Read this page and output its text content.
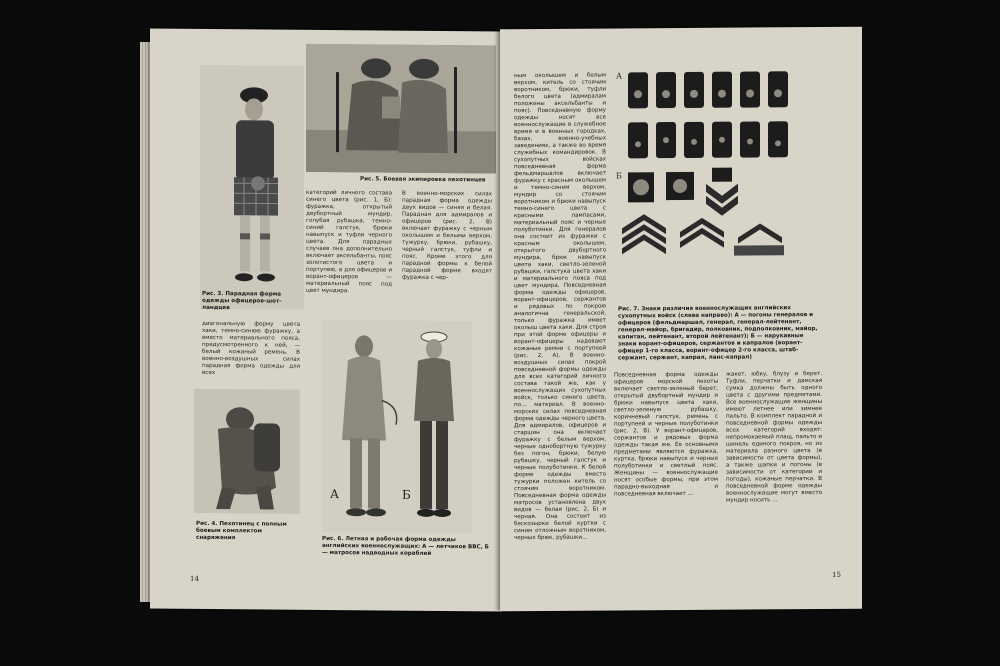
Рис. 3. Парадная форма одежды офицеров-шот-ландцев
Рис. 5. Боевая экипировка пехотинцев
категорий личного состава синего цвета (рис. 1, Б): фуражка, открытый двубортный мундир, голубая рубашка, темно-синий галстук, брюки навыпуск и туфли черного цвета. Для парадных случаев она дополнительно включает аксельбанты, пояс золотистого цвета и портупею, а для офицеров и ворант-офицеров — материальный пояс под цвет мундира.
В военно-морских силах парадная форма одежды двух видов — синяя и белая. Парадная для адмиралов и офицеров (рис. 2, В) включает фуражку с черным околышем и белыми верхом, тужурку, брюки, рубашку, черный галстук, туфли и пояс. Кроме этого для парадной формы к белой парадной форме входят фуражка с чер-
диагональную форму цвета хаки, темно-синюю фуражку, а вместо материального пояса, предусмотренного к ней, — белый кожаный ремень. В военно-воздушных силах парадная форма одежды для всех
Рис. 4. Пехотинец с полным боевым комплектом снаряжения
А	Б
Рис. 6. Летная и рабочая форма одежды английских военнослужащих: А — летчиков ВВС, Б — матросов надводных кораблей
14
ным околышем и белым верхом, китель со стоячим воротником, брюки, туфли белого цвета (адмиралам положены аксельбанты и пояс). Повседневную форму одежды носят все военнослужащие в служебное время и в военных городках, базах, военно-учебных заведениях, а также во время служебных командировок. В сухопутных войсках повседневная форма фельдмаршалов включает фуражку с красным околышем и темно-синим верхом, мундир со стоячим воротником и брюки навыпуск темно-синего цвета с красными лампасами, материальный пояс и черные полуботинки. Для генералов она состоит из фуражки с красным околышем, открытого двубортного мундира, брюк навыпуск цвета хаки, светло-зеленой рубашки, галстука цвета хаки и материального пояса под цвет мундира. Повседневная форма одежды офицеров, ворант-офицеров, сержантов и рядовых по покрою аналогична генеральской, только фуражка имеет околыш цвета хаки. Для строя при этой форме офицеры и ворант-офицеры надевают кожаные ремни с портупеей (рис. 2, А). В военно-воздушных силах покрой повседневной формы одежды для всех категорий личного состава такой же, как у военнослужащих сухопутных войск, только синего цвета, по… материал. В военно-морских силах повседневная форма одежды черного цвета. Для адмиралов, офицеров и старшин она включает фуражку с белым верхом, черные однобортную тужурку без погон, брюки, белую рубашку, черный галстук и черные полуботинки. К белой форме одежды вместо тужурки положен китель со стоячим воротником. Повседневная форма одежды матросов установлена двух видов — белая (рис. 2, Б) и черная. Она состоит из бескозырки белой куртки с синим отложным воротником, черных брюк, рубашки…
А
Б
Рис. 7. Знаки различия военнослужащих английских сухопутных войск (слева направо): А — погоны генералов и офицеров (фельдмаршал, генерал, генерал-лейтенант, генерал-майор, бригадир, полковник, подполковник, майор, капитан, лейтенант, второй лейтенант); Б — нарукавные знаки ворант-офицеров, сержантов и капралов (ворант-офицер 1-го класса, ворант-офицер 2-го класса, штаб-сержант, сержант, капрал, ланс-капрал)
Повседневная форма одежды офицеров морской пехоты включает светло-зеленый берет, открытый двубортный мундир и брюки навыпуск цвета хаки, светло-зеленую рубашку, коричневый галстук, ремень с портупеей и черные полуботинки (рис. 2, В). У ворант-офицеров, сержантов и рядовых форма одежды такая же. Ее основными предметами являются фуражка, куртка, брюки навыпуск и черные полуботинки и светлый пояс. Женщины — военнослужащие носят особые формы, при этом парадно-выходная и повседневная включает …
жакет, юбку, блузу и берет. Туфли, перчатки и дамская сумка должны быть одного цвета с другими предметами. Все военнослужащие женщины имеют летнее или зимнее пальто. В комплект парадной и повседневной формы одежды всех категорий входят: непромокаемый плащ, пальто и шинель единого покроя, но из материала разного цвета (в зависимости от цвета формы), а также шапки и погоны (в зависимости от категории и погоды), кожаные перчатки. В повседневной форме одежды военнослужащие могут вместо мундир носить …
15
